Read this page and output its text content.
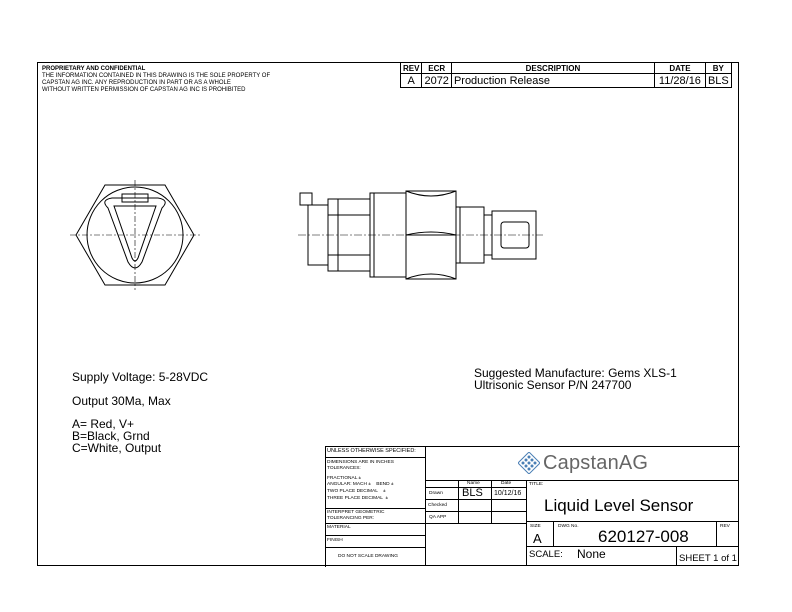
PROPRIETARY AND CONFIDENTIAL
THE INFORMATION CONTAINED IN THIS DRAWING IS THE SOLE PROPERTY OF
CAPSTAN AG INC. ANY REPRODUCTION IN PART OR AS A WHOLE
WITHOUT WRITTEN PERMISSION OF CAPSTAN AG INC IS PROHIBITED
REV	ECR	DESCRIPTION	DATE	BY
A	2072	Production Release	11/28/16	BLS
Supply Voltage: 5-28VDC
Output 30Ma, Max
A= Red, V+
B=Black, Grnd
C=White, Output
Suggested Manufacture: Gems XLS-1
Ultrisonic Sensor P/N 247700
UNLESS OTHERWISE SPECIFIED:
DIMENSIONS ARE IN INCHES
TOLERANCES:
FRACTIONAL ±
ANGULAR: MACH ±    BEND ±
TWO PLACE DECIMAL    ±
THREE PLACE DECIMAL  ±
INTERPRET GEOMETRIC
TOLERANCING PER:
MATERIAL
FINISH
DO NOT SCALE DRAWING
CapstanAG
Name	Date
Drawn BLS 10/12/16
Checked
QA APP
TITLE:
Liquid Level Sensor
SIZE
A
DWG No.
620127-008
REV
SCALE: None	SHEET 1 of 1
